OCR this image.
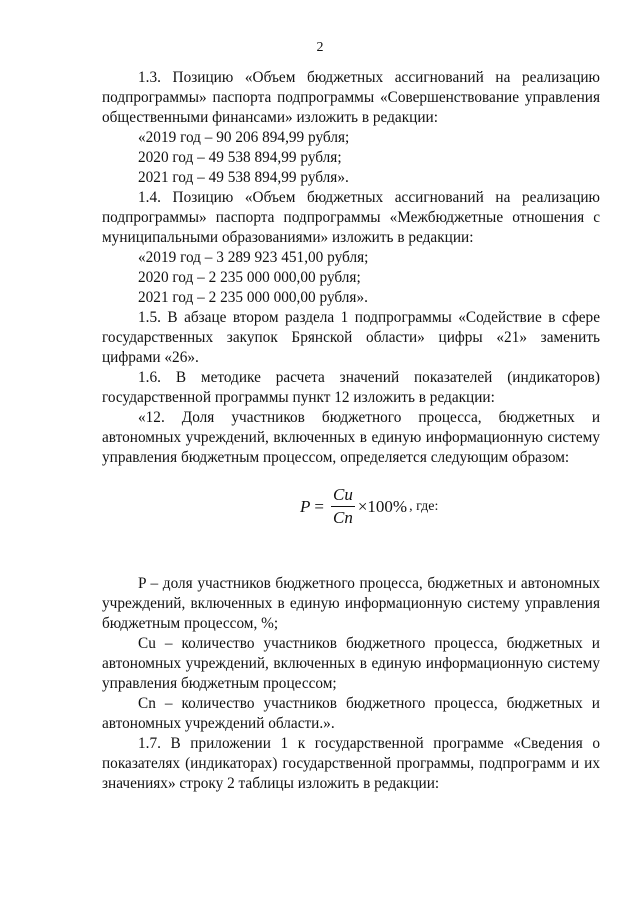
2

1.3. Позицию «Объем бюджетных ассигнований на реализацию подпрограммы» паспорта подпрограммы «Совершенствование управления общественными финансами» изложить в редакции:

«2019 год – 90 206 894,99 рубля;

2020 год – 49 538 894,99 рубля;

2021 год – 49 538 894,99 рубля».

1.4. Позицию «Объем бюджетных ассигнований на реализацию подпрограммы» паспорта подпрограммы «Межбюджетные отношения с муниципальными образованиями» изложить в редакции:

«2019 год – 3 289 923 451,00 рубля;

2020 год – 2 235 000 000,00 рубля;

2021 год – 2 235 000 000,00 рубля».

1.5. В абзаце втором раздела 1 подпрограммы «Содействие в сфере государственных закупок Брянской области» цифры «21» заменить цифрами «26».

1.6. В методике расчета значений показателей (индикаторов) государственной программы пункт 12 изложить в редакции:

«12. Доля участников бюджетного процесса, бюджетных и автономных учреждений, включенных в единую информационную систему управления бюджетным процессом, определяется следующим образом:

$P = \frac{Cu}{Cn} \times 100\%$ , где:

P – доля участников бюджетного процесса, бюджетных и автономных учреждений, включенных в единую информационную систему управления бюджетным процессом, %;

Cu – количество участников бюджетного процесса, бюджетных и автономных учреждений, включенных в единую информационную систему управления бюджетным процессом;

Cn – количество участников бюджетного процесса, бюджетных и автономных учреждений области.».

1.7. В приложении 1 к государственной программе «Сведения о показателях (индикаторах) государственной программы, подпрограмм и их значениях» строку 2 таблицы изложить в редакции:
